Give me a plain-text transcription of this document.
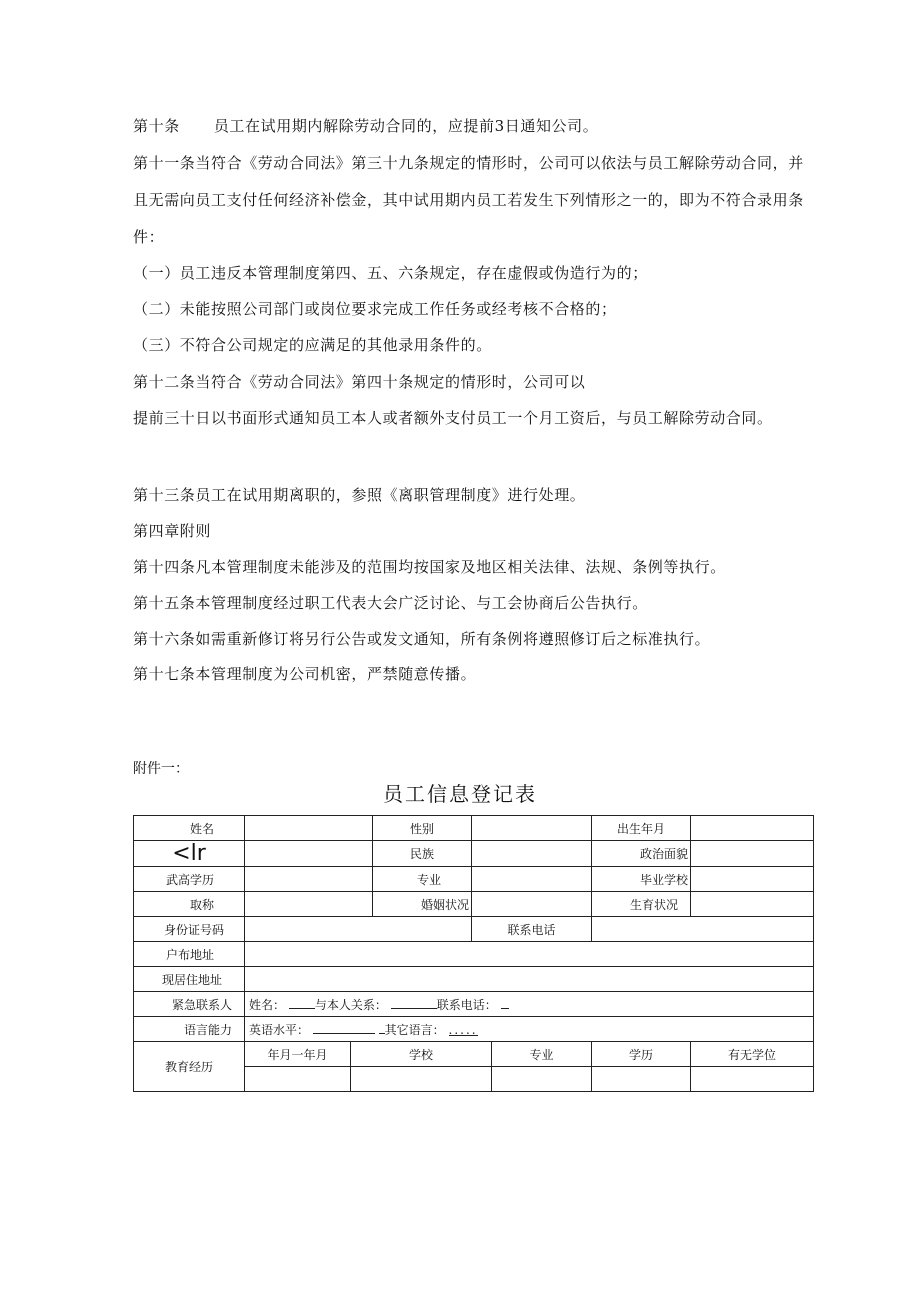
第十条 员工在试用期内解除劳动合同的，应提前3日通知公司。

第十一条当符合《劳动合同法》第三十九条规定的情形时，公司可以依法与员工解除劳动合同，并且无需向员工支付任何经济补偿金，其中试用期内员工若发生下列情形之一的，即为不符合录用条件：

（一）员工违反本管理制度第四、五、六条规定，存在虚假或伪造行为的；

（二）未能按照公司部门或岗位要求完成工作任务或经考核不合格的；

（三）不符合公司规定的应满足的其他录用条件的。

第十二条当符合《劳动合同法》第四十条规定的情形时，公司可以

提前三十日以书面形式通知员工本人或者额外支付员工一个月工资后，与员工解除劳动合同。

第十三条员工在试用期离职的，参照《离职管理制度》进行处理。

第四章附则

第十四条凡本管理制度未能涉及的范围均按国家及地区相关法律、法规、条例等执行。

第十五条本管理制度经过职工代表大会广泛讨论、与工会协商后公告执行。

第十六条如需重新修订将另行公告或发文通知，所有条例将遵照修订后之标准执行。

第十七条本管理制度为公司机密，严禁随意传播。

附件一：
员工信息登记表
姓名			性别			出生年月	
<lr			民族			政治面貌	
武高学历			专业			毕业学校	
取称			婚姻状况			生育状况	
身份证号码				联系电话			
户布地址							
现居住地址							
紧急联系人	姓名： 与本人关系： 联系电话：						
语言能力	英语水平： 其它语言： .....						
教育经历	年月一年月	学校			专业	学历	有无学位
